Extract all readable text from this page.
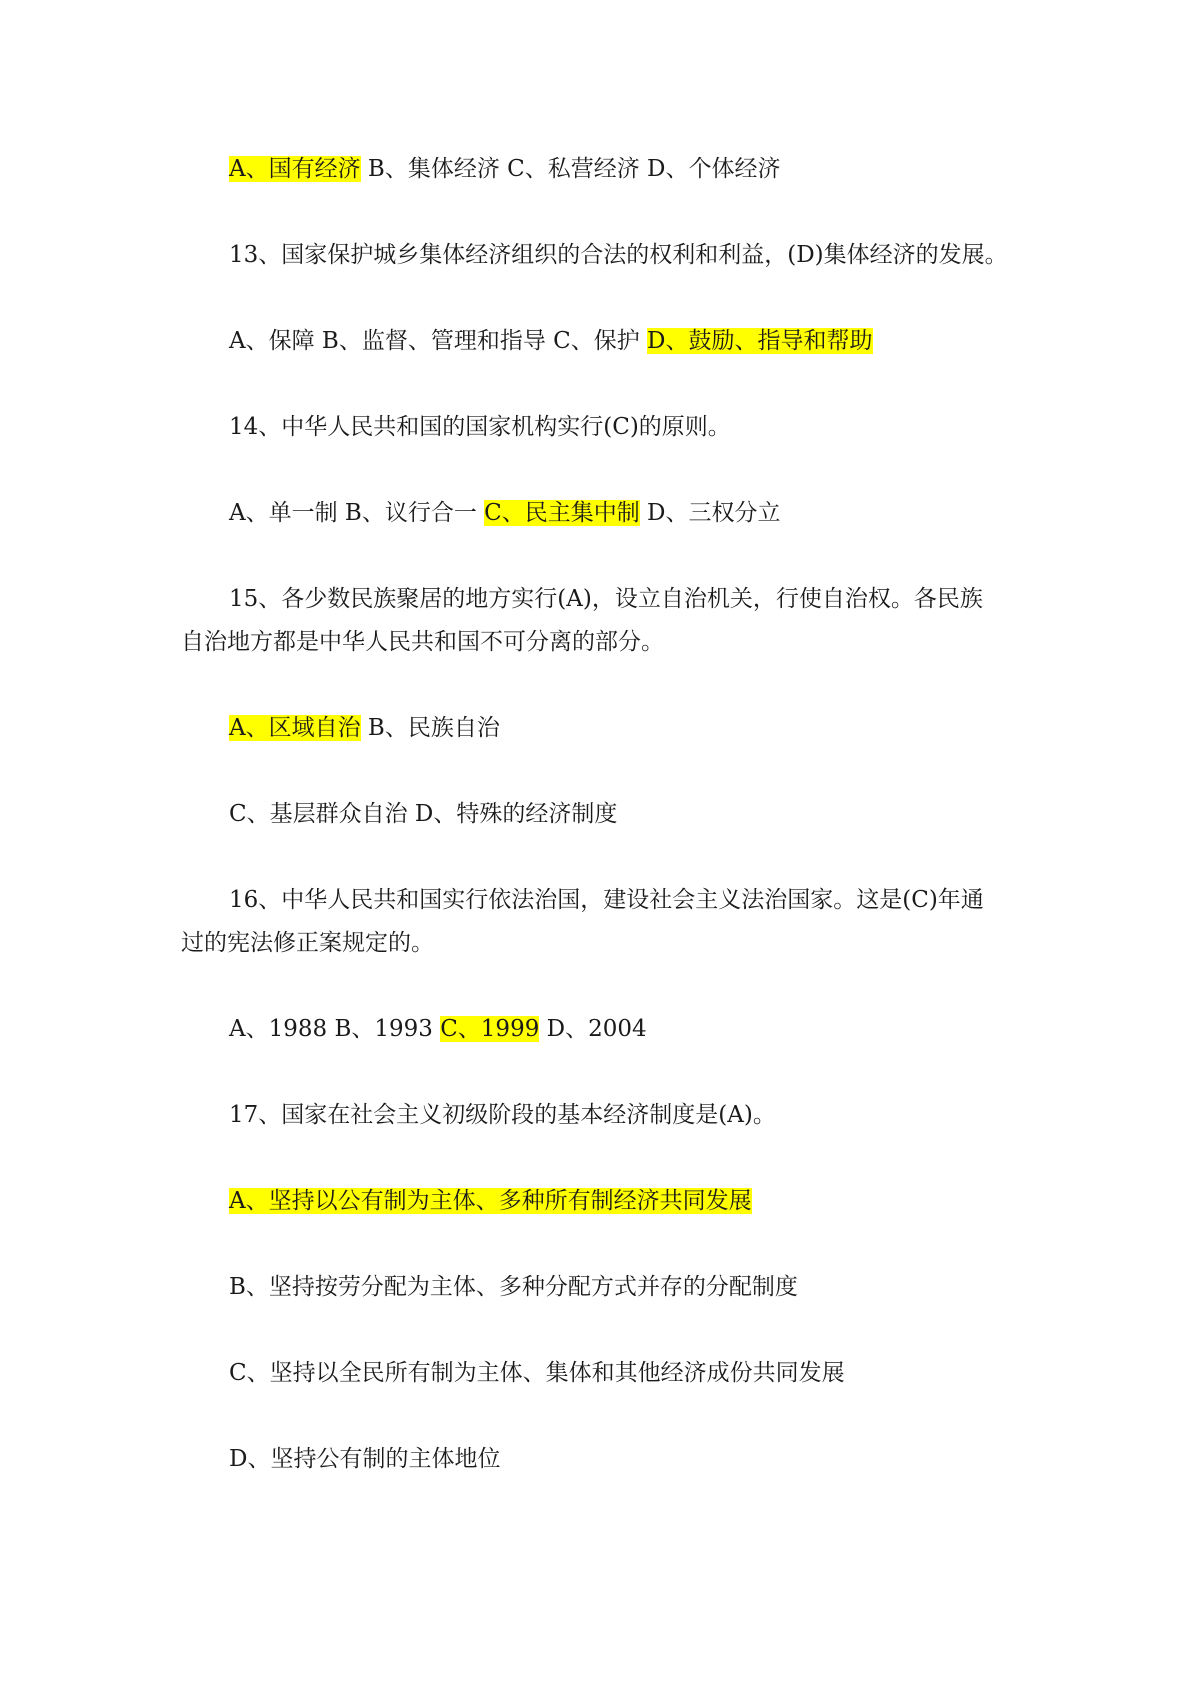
A、国有经济 B、集体经济 C、私营经济 D、个体经济
13、国家保护城乡集体经济组织的合法的权利和利益，(D)集体经济的发展。
A、保障 B、监督、管理和指导 C、保护 D、鼓励、指导和帮助
14、中华人民共和国的国家机构实行(C)的原则。
A、单一制 B、议行合一 C、民主集中制 D、三权分立
15、各少数民族聚居的地方实行(A)，设立自治机关，行使自治权。各民族
自治地方都是中华人民共和国不可分离的部分。
A、区域自治 B、民族自治
C、基层群众自治 D、特殊的经济制度
16、中华人民共和国实行依法治国，建设社会主义法治国家。这是(C)年通
过的宪法修正案规定的。
A、1988 B、1993 C、1999 D、2004
17、国家在社会主义初级阶段的基本经济制度是(A)。
A、坚持以公有制为主体、多种所有制经济共同发展
B、坚持按劳分配为主体、多种分配方式并存的分配制度
C、坚持以全民所有制为主体、集体和其他经济成份共同发展
D、坚持公有制的主体地位
